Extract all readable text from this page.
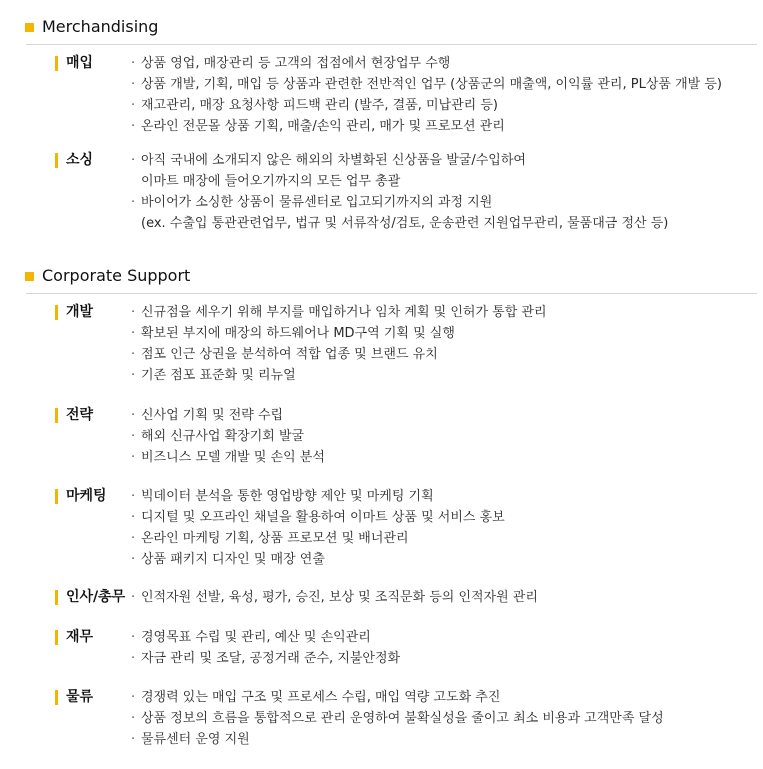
Merchandising
매입	· 상품 영업, 매장관리 등 고객의 접점에서 현장업무 수행
· 상품 개발, 기획, 매입 등 상품과 관련한 전반적인 업무 (상품군의 매출액, 이익률 관리, PL상품 개발 등)
· 재고관리, 매장 요청사항 피드백 관리 (발주, 결품, 미납관리 등)
· 온라인 전문몰 상품 기획, 매출/손익 관리, 매가 및 프로모션 관리
소싱	· 아직 국내에 소개되지 않은 해외의 차별화된 신상품을 발굴/수입하여
이마트 매장에 들어오기까지의 모든 업무 총괄
· 바이어가 소싱한 상품이 물류센터로 입고되기까지의 과정 지원
(ex. 수출입 통관관련업무, 법규 및 서류작성/검토, 운송관련 지원업무관리, 물품대금 정산 등)
Corporate Support
개발	· 신규점을 세우기 위해 부지를 매입하거나 임차 계획 및 인허가 통합 관리
· 확보된 부지에 매장의 하드웨어나 MD구역 기획 및 실행
· 점포 인근 상권을 분석하여 적합 업종 및 브랜드 유치
· 기존 점포 표준화 및 리뉴얼
전략	· 신사업 기획 및 전략 수립
· 해외 신규사업 확장기회 발굴
· 비즈니스 모델 개발 및 손익 분석
마케팅 · 빅데이터 분석을 통한 영업방향 제안 및 마케팅 기획
· 디지털 및 오프라인 채널을 활용하여 이마트 상품 및 서비스 홍보
· 온라인 마케팅 기획, 상품 프로모션 및 배너관리
· 상품 패키지 디자인 및 매장 연출
인사/총무 · 인적자원 선발, 육성, 평가, 승진, 보상 및 조직문화 등의 인적자원 관리
재무	· 경영목표 수립 및 관리, 예산 및 손익관리
· 자금 관리 및 조달, 공정거래 준수, 지불안정화
물류	· 경쟁력 있는 매입 구조 및 프로세스 수립, 매입 역량 고도화 추진
· 상품 정보의 흐름을 통합적으로 관리 운영하여 불확실성을 줄이고 최소 비용과 고객만족 달성
· 물류센터 운영 지원
